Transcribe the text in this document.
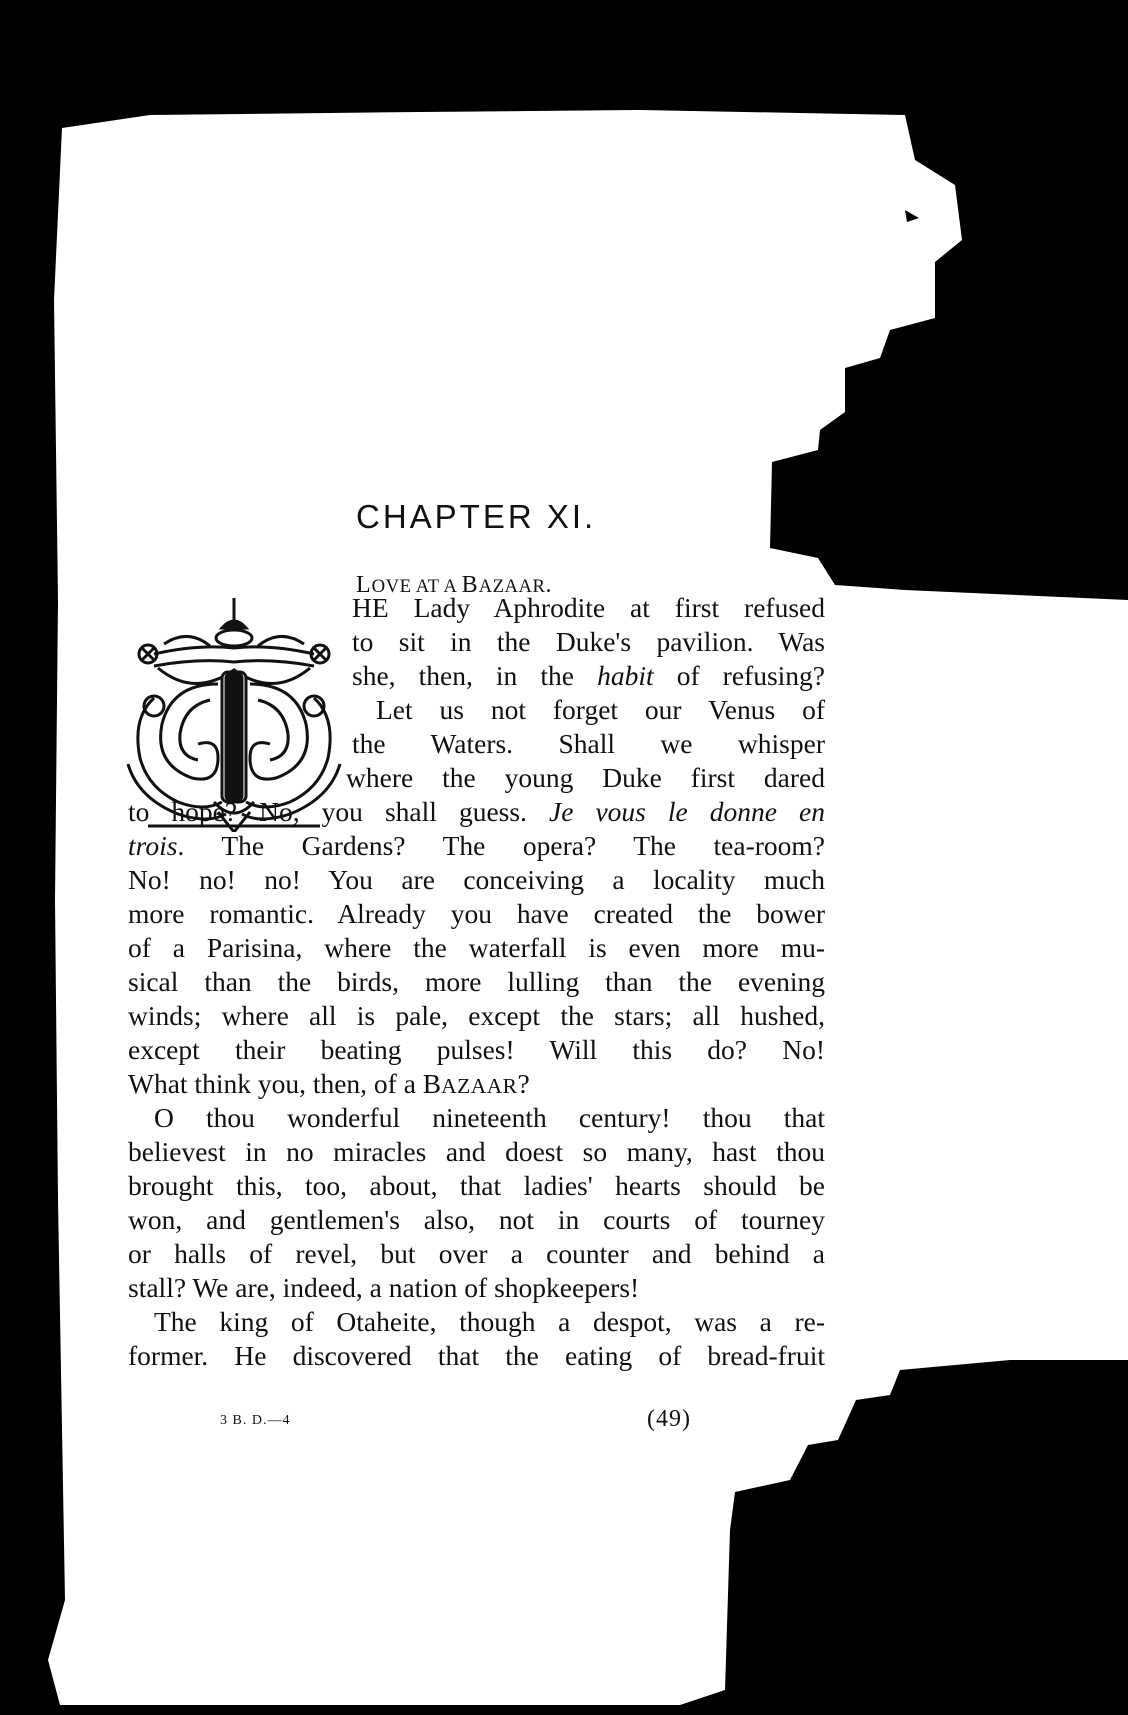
CHAPTER XI.
LOVE AT A BAZAAR.
HE Lady Aphrodite at first refused
to sit in the Duke's pavilion. Was
she, then, in the habit of refusing?
Let us not forget our Venus of
the Waters. Shall we whisper
where the young Duke first dared
to hope? No, you shall guess. Je vous le donne en
trois. The Gardens? The opera? The tea-room?
No! no! no! You are conceiving a locality much
more romantic. Already you have created the bower
of a Parisina, where the waterfall is even more mu-
sical than the birds, more lulling than the evening
winds; where all is pale, except the stars; all hushed,
except their beating pulses! Will this do? No!
What think you, then, of a BAZAAR?
O thou wonderful nineteenth century! thou that
believest in no miracles and doest so many, hast thou
brought this, too, about, that ladies' hearts should be
won, and gentlemen's also, not in courts of tourney
or halls of revel, but over a counter and behind a
stall? We are, indeed, a nation of shopkeepers!
The king of Otaheite, though a despot, was a re-
former. He discovered that the eating of bread-fruit
3 B. D.—4	(49)
